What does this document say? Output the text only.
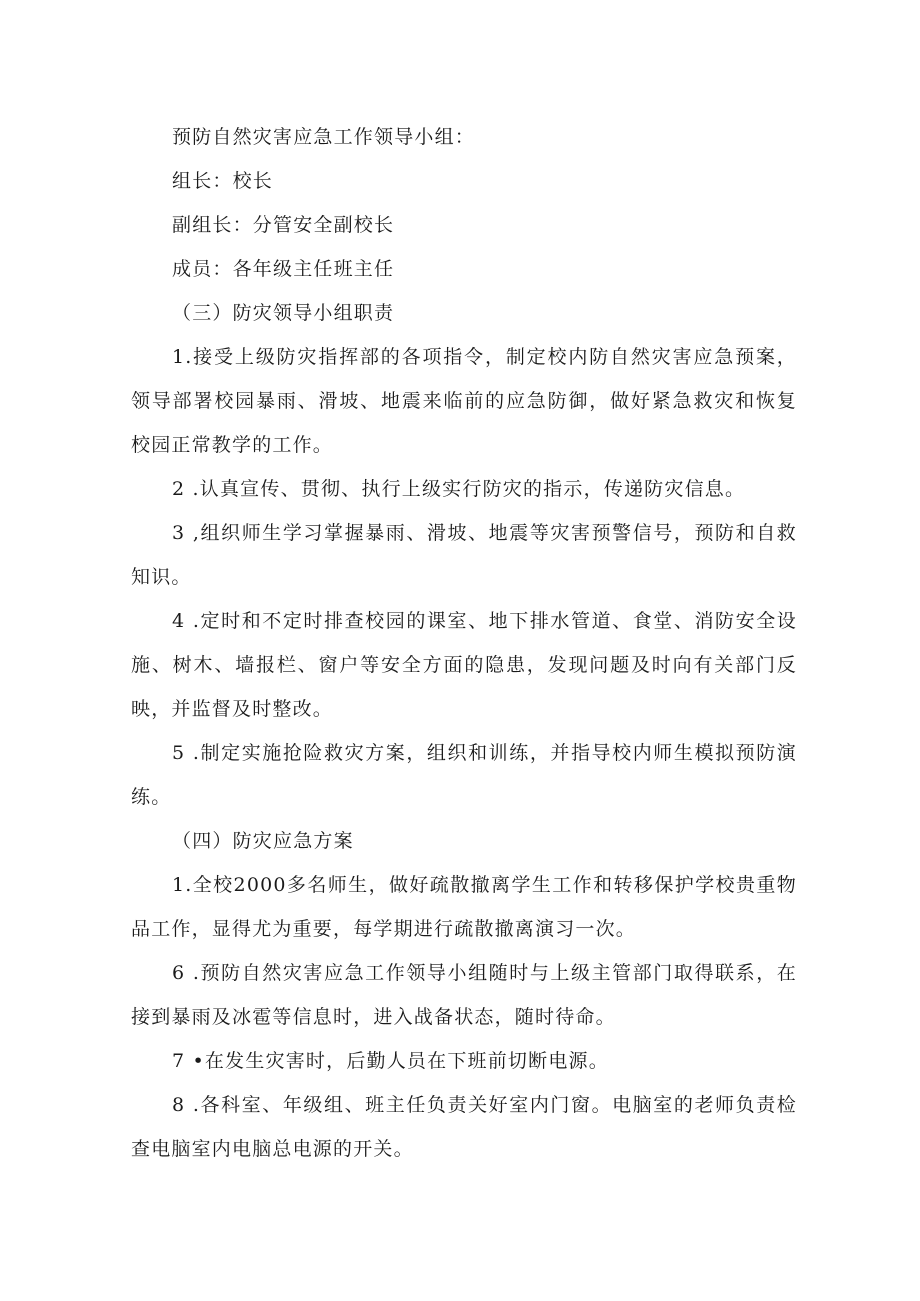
预防自然灾害应急工作领导小组：

组长：校长

副组长：分管安全副校长

成员：各年级主任班主任

（三）防灾领导小组职责

1.接受上级防灾指挥部的各项指令，制定校内防自然灾害应急预案，领导部署校园暴雨、滑坡、地震来临前的应急防御，做好紧急救灾和恢复校园正常教学的工作。

2 .认真宣传、贯彻、执行上级实行防灾的指示，传递防灾信息。

3 ,组织师生学习掌握暴雨、滑坡、地震等灾害预警信号，预防和自救知识。

4 .定时和不定时排查校园的课室、地下排水管道、食堂、消防安全设施、树木、墙报栏、窗户等安全方面的隐患，发现问题及时向有关部门反映，并监督及时整改。

5 .制定实施抢险救灾方案，组织和训练，并指导校内师生模拟预防演练。

（四）防灾应急方案

1.全校2000多名师生，做好疏散撤离学生工作和转移保护学校贵重物品工作，显得尤为重要，每学期进行疏散撤离演习一次。

6 .预防自然灾害应急工作领导小组随时与上级主管部门取得联系，在接到暴雨及冰雹等信息时，进入战备状态，随时待命。

7 •在发生灾害时，后勤人员在下班前切断电源。

8 .各科室、年级组、班主任负责关好室内门窗。电脑室的老师负责检查电脑室内电脑总电源的开关。
